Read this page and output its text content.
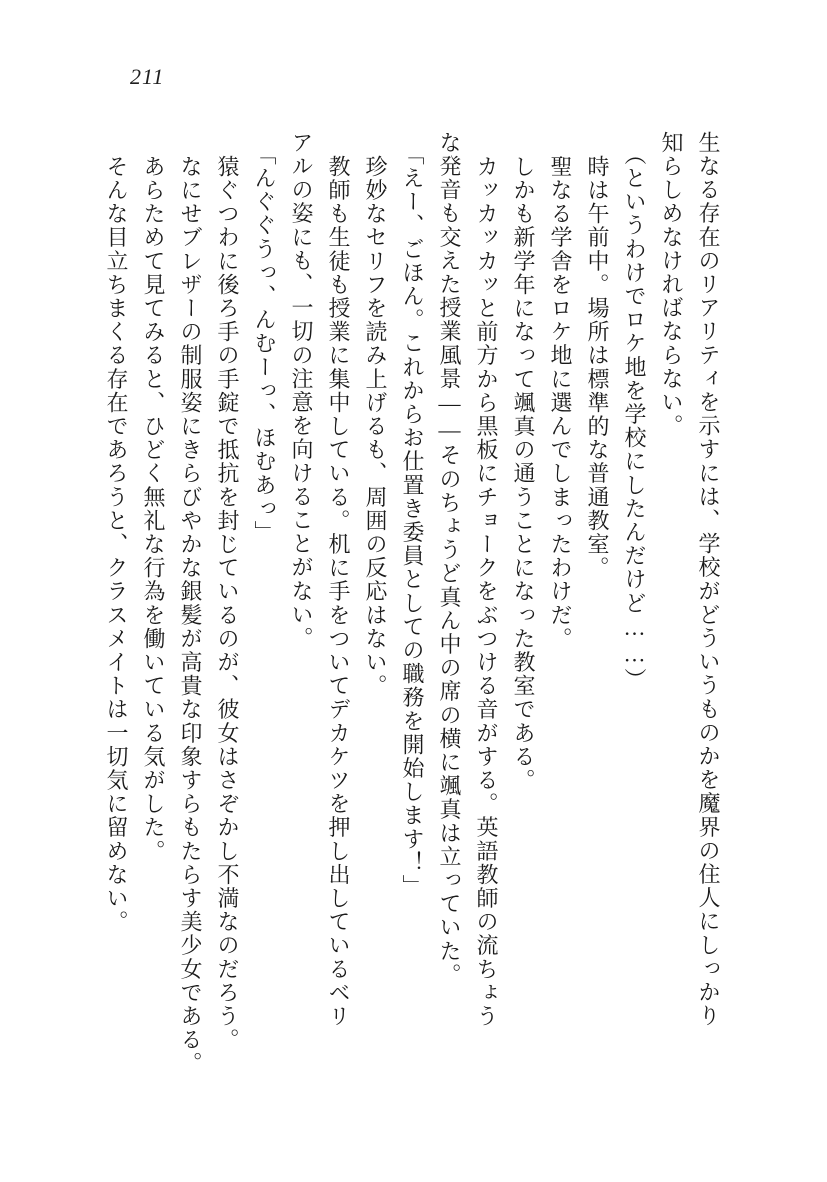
211

生なる存在のリアリティを示すには、学校がどういうものかを魔界の住人にしっかり
知らしめなければならない。

（というわけでロケ地を学校にしたんだけど……）

時は午前中。場所は標準的な普通教室。

聖なる学舎をロケ地に選んでしまったわけだ。

しかも新学年になって颯真の通うことになった教室である。

カッカッカッと前方から黒板にチョークをぶつける音がする。英語教師の流ちょう
な発音も交えた授業風景――そのちょうど真ん中の席の横に颯真は立っていた。

「えー、ごほん。これからお仕置き委員としての職務を開始します！」

珍妙なセリフを読み上げるも、周囲の反応はない。

教師も生徒も授業に集中している。机に手をついてデカケツを押し出しているベリ
アルの姿にも、一切の注意を向けることがない。

「んぐぐうっ、んむーっ、ほむあっ」

猿ぐつわに後ろ手の手錠で抵抗を封じているのが、彼女はさぞかし不満なのだろう。

なにせブレザーの制服姿にきらびやかな銀髪が高貴な印象すらもたらす美少女である。

あらためて見てみると、ひどく無礼な行為を働いている気がした。

そんな目立ちまくる存在であろうと、クラスメイトは一切気に留めない。
